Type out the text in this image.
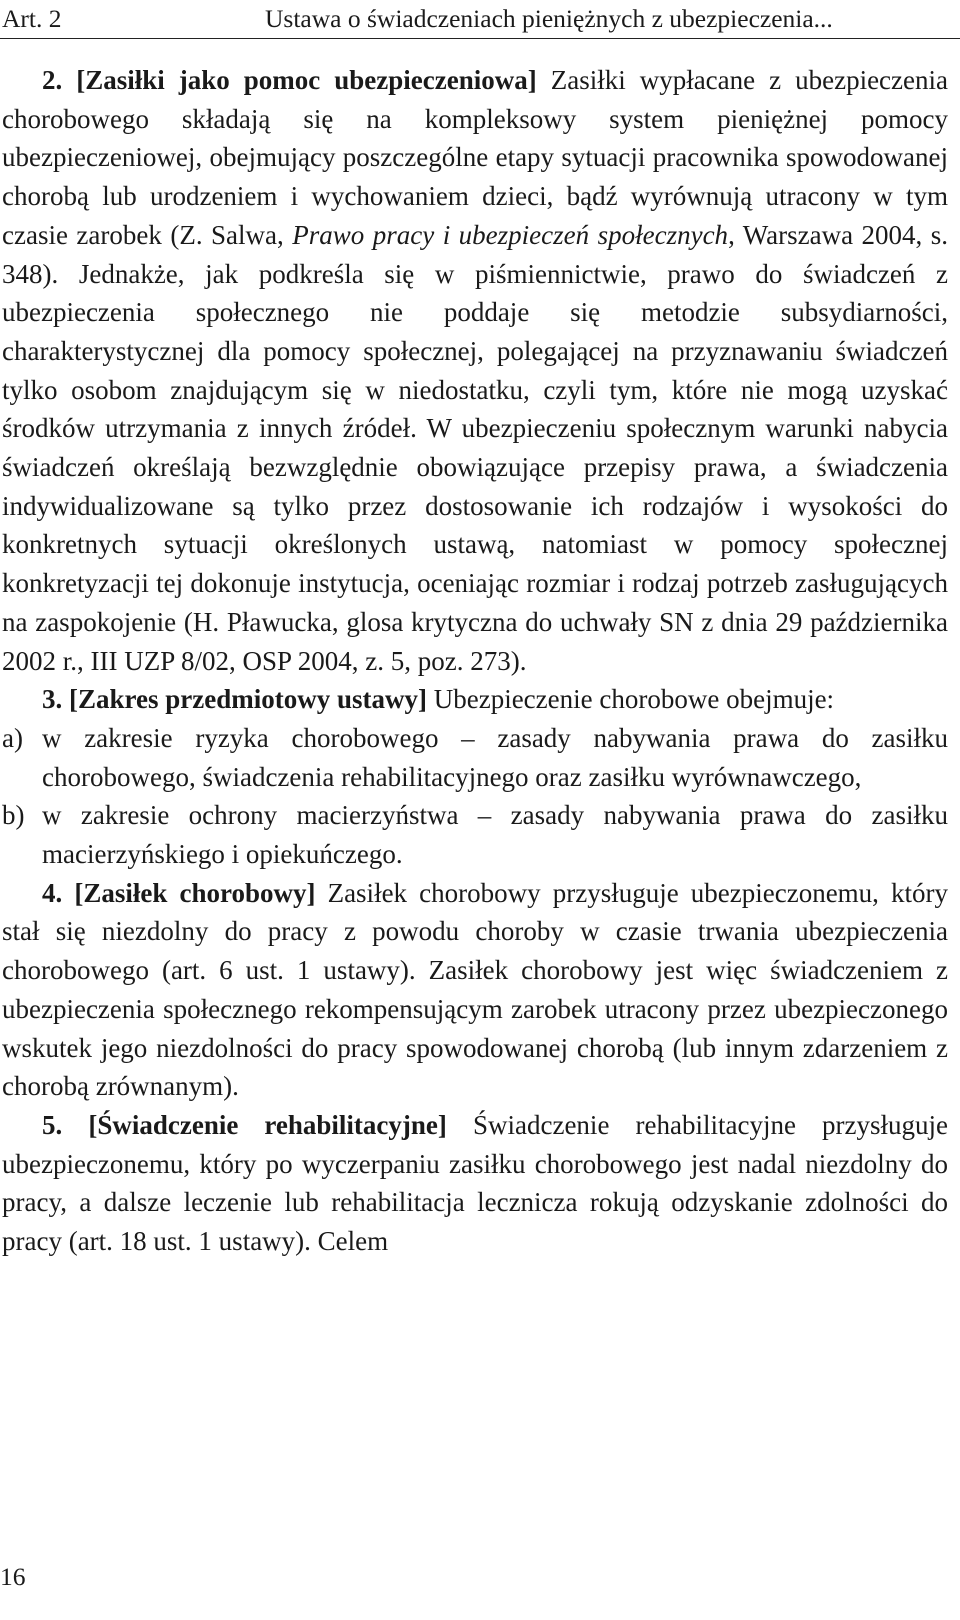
Art. 2	Ustawa o świadczeniach pieniężnych z ubezpieczenia...

2. [Zasiłki jako pomoc ubezpieczeniowa] Zasiłki wypłacane z ubezpieczenia chorobowego składają się na kompleksowy system pieniężnej pomocy ubezpieczeniowej, obejmujący poszczególne etapy sytuacji pracownika spowodowanej chorobą lub urodzeniem i wychowaniem dzieci, bądź wyrównują utracony w tym czasie zarobek (Z. Salwa, Prawo pracy i ubezpieczeń społecznych, Warszawa 2004, s. 348). Jednakże, jak podkreśla się w piśmiennictwie, prawo do świadczeń z ubezpieczenia społecznego nie poddaje się metodzie subsydiarności, charakterystycznej dla pomocy społecznej, polegającej na przyznawaniu świadczeń tylko osobom znajdującym się w niedostatku, czyli tym, które nie mogą uzyskać środków utrzymania z innych źródeł. W ubezpieczeniu społecznym warunki nabycia świadczeń określają bezwzględnie obowiązujące przepisy prawa, a świadczenia indywidualizowane są tylko przez dostosowanie ich rodzajów i wysokości do konkretnych sytuacji określonych ustawą, natomiast w pomocy społecznej konkretyzacji tej dokonuje instytucja, oceniając rozmiar i rodzaj potrzeb zasługujących na zaspokojenie (H. Pławucka, glosa krytyczna do uchwały SN z dnia 29 października 2002 r., III UZP 8/02, OSP 2004, z. 5, poz. 273).

3. [Zakres przedmiotowy ustawy] Ubezpieczenie chorobowe obejmuje:

a) w zakresie ryzyka chorobowego – zasady nabywania prawa do zasiłku chorobowego, świadczenia rehabilitacyjnego oraz zasiłku wyrównawczego,
b) w zakresie ochrony macierzyństwa – zasady nabywania prawa do zasiłku macierzyńskiego i opiekuńczego.

4. [Zasiłek chorobowy] Zasiłek chorobowy przysługuje ubezpieczonemu, który stał się niezdolny do pracy z powodu choroby w czasie trwania ubezpieczenia chorobowego (art. 6 ust. 1 ustawy). Zasiłek chorobowy jest więc świadczeniem z ubezpieczenia społecznego rekompensującym zarobek utracony przez ubezpieczonego wskutek jego niezdolności do pracy spowodowanej chorobą (lub innym zdarzeniem z chorobą zrównanym).

5. [Świadczenie rehabilitacyjne] Świadczenie rehabilitacyjne przysługuje ubezpieczonemu, który po wyczerpaniu zasiłku chorobowego jest nadal niezdolny do pracy, a dalsze leczenie lub rehabilitacja lecznicza rokują odzyskanie zdolności do pracy (art. 18 ust. 1 ustawy). Celem

16
